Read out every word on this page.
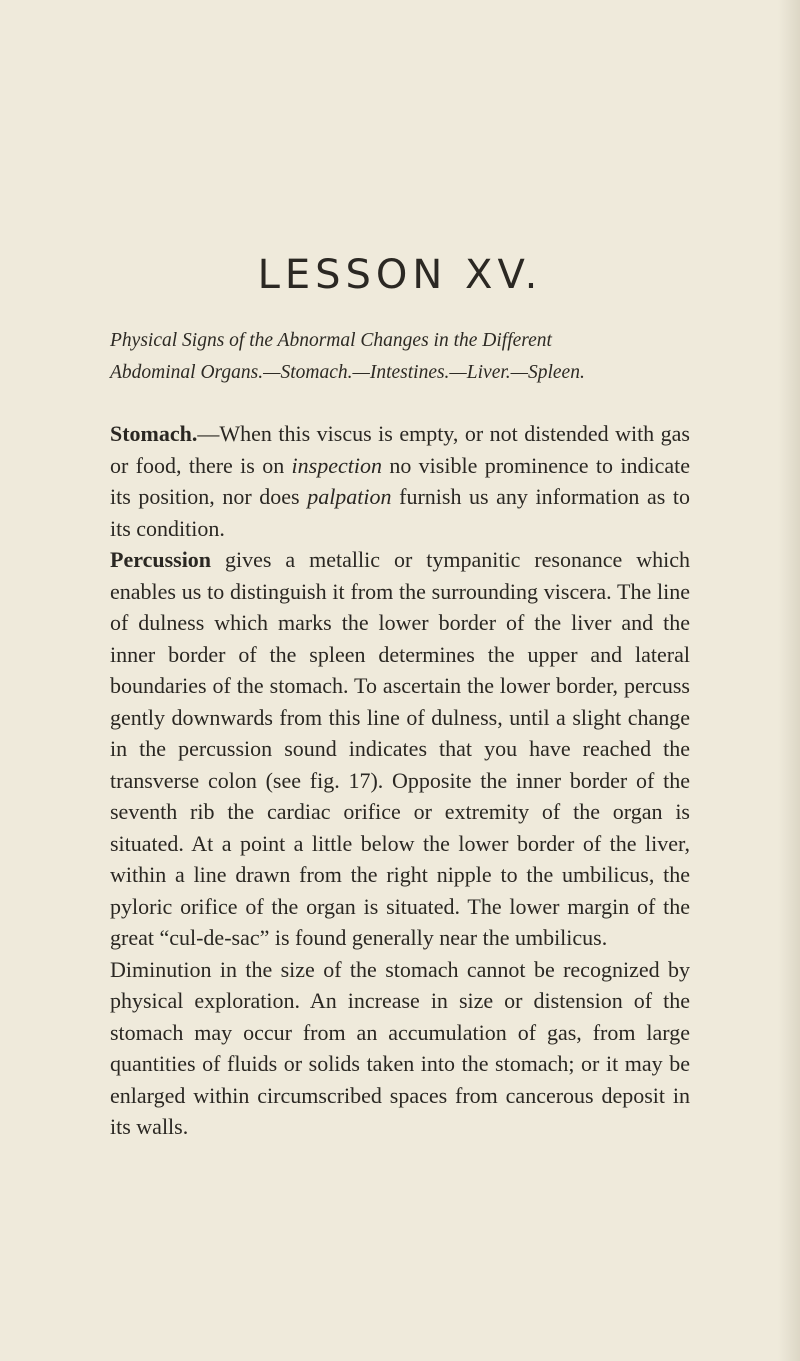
LESSON XV.
Physical Signs of the Abnormal Changes in the Different
Abdominal Organs.—Stomach.—Intestines.—Liver.—Spleen.

Stomach.—When this viscus is empty, or not distended with gas or food, there is on inspection no visible prominence to indicate its position, nor does palpation furnish us any information as to its condition.

Percussion gives a metallic or tympanitic resonance which enables us to distinguish it from the surrounding viscera. The line of dulness which marks the lower border of the liver and the inner border of the spleen determines the upper and lateral boundaries of the stomach. To ascertain the lower border, percuss gently downwards from this line of dulness, until a slight change in the percussion sound indicates that you have reached the transverse colon (see fig. 17). Opposite the inner border of the seventh rib the cardiac orifice or extremity of the organ is situated. At a point a little below the lower border of the liver, within a line drawn from the right nipple to the umbilicus, the pyloric orifice of the organ is situated. The lower margin of the great “cul-de-sac” is found generally near the umbilicus.

Diminution in the size of the stomach cannot be recognized by physical exploration. An increase in size or distension of the stomach may occur from an accumulation of gas, from large quantities of fluids or solids taken into the stomach; or it may be enlarged within circumscribed spaces from cancerous deposit in its walls.
